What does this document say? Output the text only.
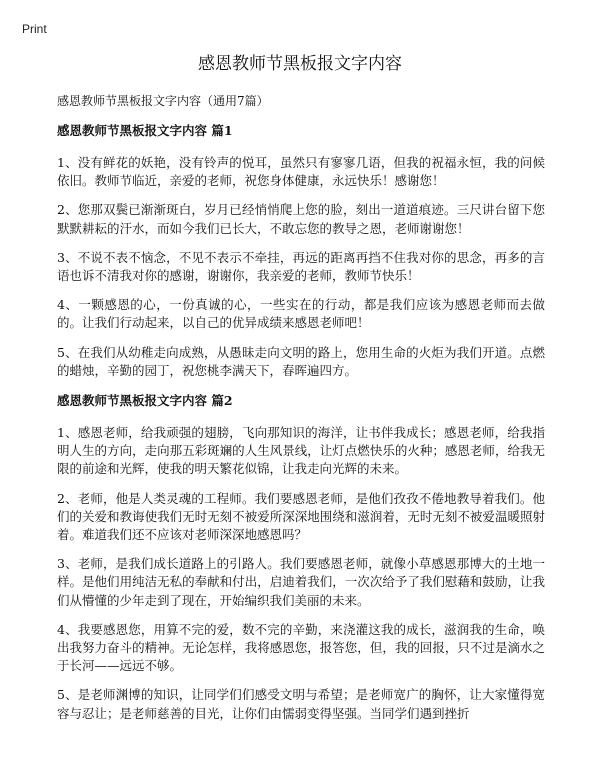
Print
感恩教师节黑板报文字内容

感恩教师节黑板报文字内容（通用7篇）

感恩教师节黑板报文字内容 篇1

1、没有鲜花的妖艳，没有铃声的悦耳，虽然只有寥寥几语，但我的祝福永恒，我的问候依旧。教师节临近，亲爱的老师，祝您身体健康，永远快乐！感谢您！

2、您那双鬓已渐渐斑白，岁月已经悄悄爬上您的脸，刻出一道道痕迹。三尺讲台留下您默默耕耘的汗水，而如今我们已长大，不敢忘您的教导之恩，老师谢谢您！

3、不说不表不恼念，不见不表示不牵挂，再远的距离再挡不住我对你的思念，再多的言语也诉不清我对你的感谢，谢谢你，我亲爱的老师，教师节快乐！

4、一颗感恩的心，一份真诚的心，一些实在的行动，都是我们应该为感恩老师而去做的。让我们行动起来，以自己的优异成绩来感恩老师吧！

5、在我们从幼稚走向成熟，从愚昧走向文明的路上，您用生命的火炬为我们开道。点燃的蜡烛，辛勤的园丁，祝您桃李满天下，春晖遍四方。

感恩教师节黑板报文字内容 篇2

1、感恩老师，给我顽强的翅膀，飞向那知识的海洋，让书伴我成长；感恩老师，给我指明人生的方向，走向那五彩斑斓的人生风景线，让灯点燃快乐的火种；感恩老师，给我无限的前途和光辉，使我的明天繁花似锦，让我走向光辉的未来。

2、老师，他是人类灵魂的工程师。我们要感恩老师，是他们孜孜不倦地教导着我们。他们的关爱和教诲使我们无时无刻不被爱所深深地围绕和滋润着，无时无刻不被爱温暖照射着。难道我们还不应该对老师深深地感恩吗？

3、老师，是我们成长道路上的引路人。我们要感恩老师，就像小草感恩那博大的土地一样。是他们用纯洁无私的奉献和付出，启迪着我们，一次次给予了我们慰藉和鼓励，让我们从懵懂的少年走到了现在，开始编织我们美丽的未来。

4、我要感恩您，用算不完的爱，数不完的辛勤，来浇灌这我的成长，滋润我的生命，唤出我努力奋斗的精神。无论怎样，我将感恩您，报答您，但，我的回报，只不过是滴水之于长河——远远不够。

5、是老师渊博的知识，让同学们们感受文明与希望；是老师宽广的胸怀，让大家懂得宽容与忍让；是老师慈善的目光，让你们由懦弱变得坚强。当同学们遇到挫折
